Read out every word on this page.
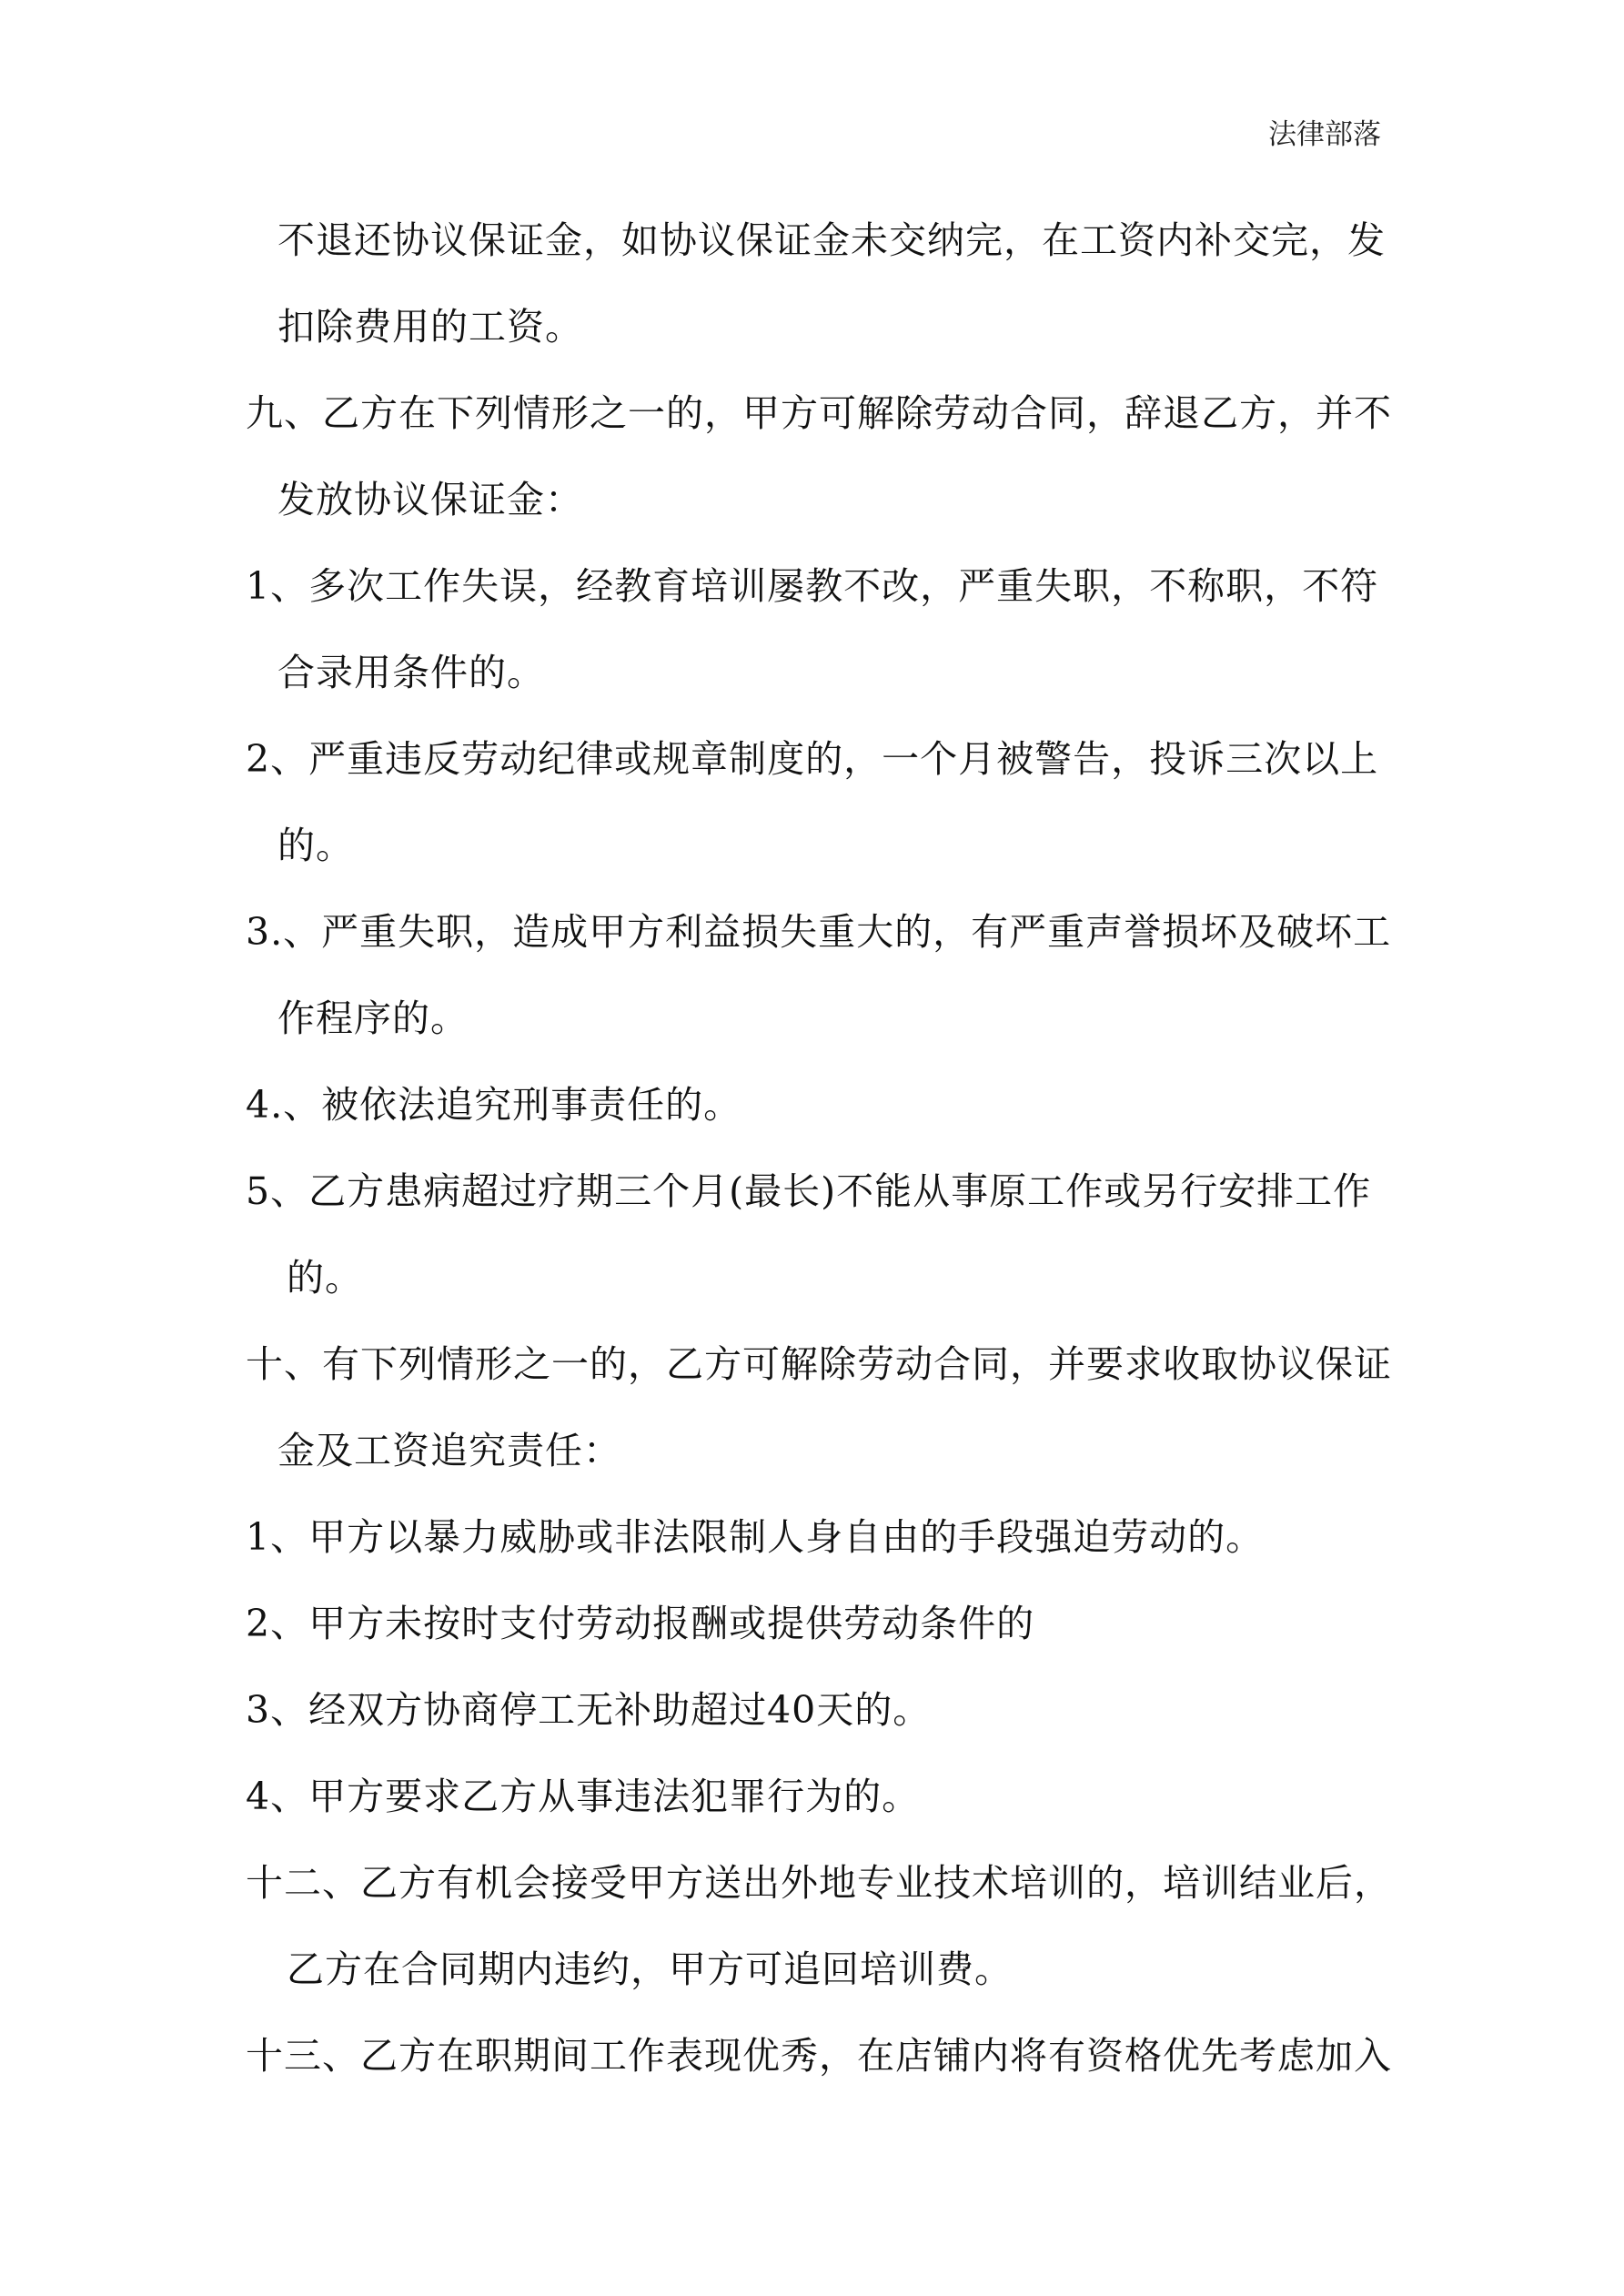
法律部落
不退还协议保证金，如协议保证金未交纳完，在工资内补交完，发
扣除费用的工资。
九、乙方在下列情形之一的，甲方可解除劳动合同，辞退乙方，并不
发放协议保证金：
1、多次工作失误，经教育培训屡教不改，严重失职，不称职，不符
合录用条件的。
2、严重违反劳动纪律或规章制度的，一个月被警告，投诉三次以上
的。
3.、严重失职，造成甲方利益损失重大的，有严重声誉损坏及破坏工
作程序的。
4.、被依法追究刑事责任的。
5、乙方患病超过疗期三个月(最长)不能从事原工作或另行安排工作
的。
十、有下列情形之一的，乙方可解除劳动合同，并要求收取协议保证
金及工资追究责任：
1、甲方以暴力威胁或非法限制人身自由的手段强迫劳动的。
2、甲方未按时支付劳动报酬或提供劳动条件的
3、经双方协商停工无补助超过40天的。
4、甲方要求乙方从事违法犯罪行为的。
十二、乙方有机会接受甲方送出外地专业技术培训的，培训结业后，
乙方在合同期内违约，甲方可追回培训费。
十三、乙方在职期间工作表现优秀，在店铺内将有资格优先考虑加入
